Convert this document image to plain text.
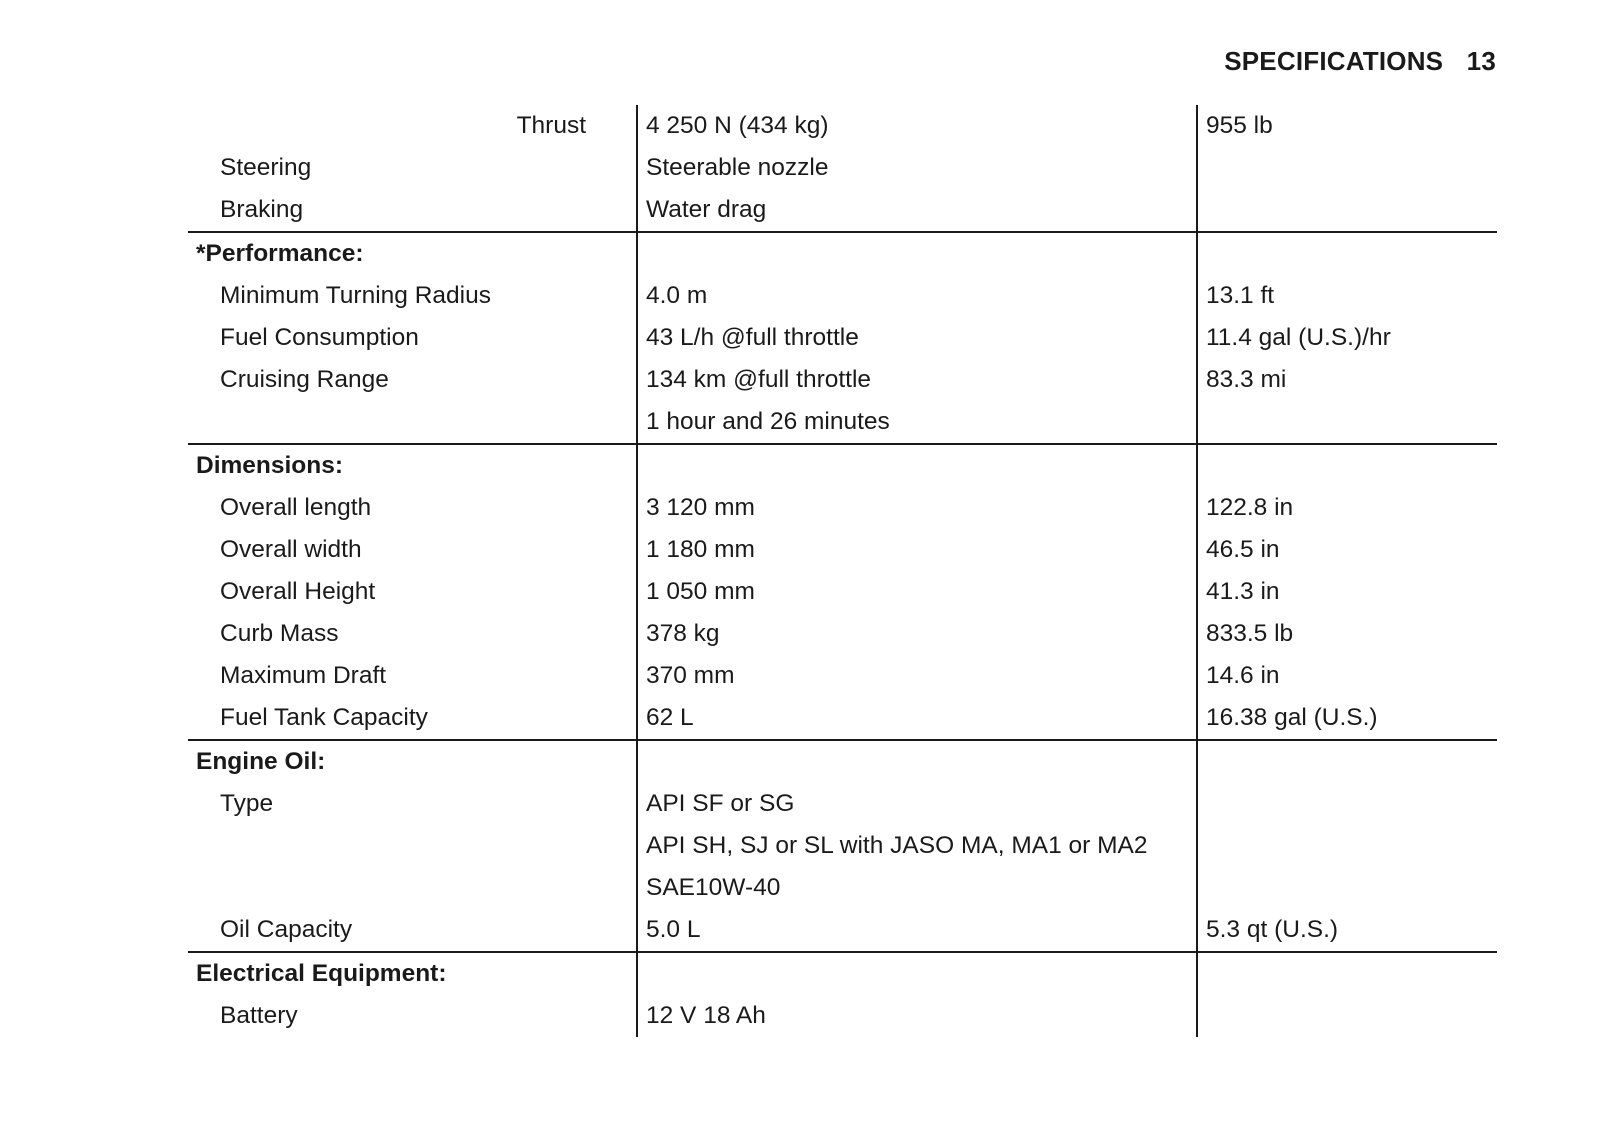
SPECIFICATIONS 13
Thrust	4 250 N (434 kg)	955 lb
Steering	Steerable nozzle	
Braking	Water drag	
*Performance:		
Minimum Turning Radius	4.0 m	13.1 ft
Fuel Consumption	43 L/h @full throttle	11.4 gal (U.S.)/hr
Cruising Range	134 km @full throttle	83.3 mi
	1 hour and 26 minutes	
Dimensions:		
Overall length	3 120 mm	122.8 in
Overall width	1 180 mm	46.5 in
Overall Height	1 050 mm	41.3 in
Curb Mass	378 kg	833.5 lb
Maximum Draft	370 mm	14.6 in
Fuel Tank Capacity	62 L	16.38 gal (U.S.)
Engine Oil:		
Type	API SF or SG	
	API SH, SJ or SL with JASO MA, MA1 or MA2	
	SAE10W-40	
Oil Capacity	5.0 L	5.3 qt (U.S.)
Electrical Equipment:		
Battery	12 V 18 Ah	
